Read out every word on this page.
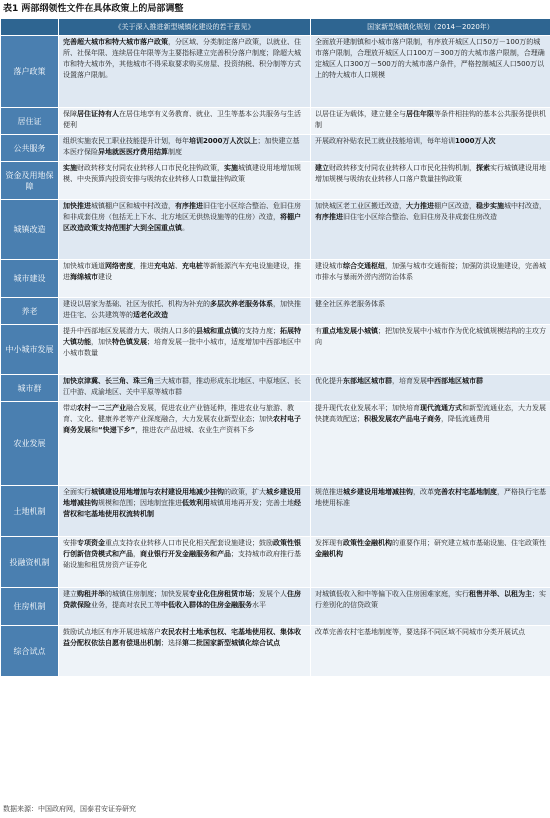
表1 两部纲领性文件在具体政策上的局部调整
	《关于深入推进新型城镇化建设的若干意见》	国家新型城镇化规划（2014－2020年）
落户政策	完善超大城市和特大城市落户政策，分区域、分类制定落户政策，以就业、住所、社保年限、连续居住年限等为主要指标建立完善积分落户制度；除超大城市和特大城市外，其他城市不得采取要求购买房屋、投资纳税、积分制等方式设置落户限制。	全面放开建制镇和小城市落户限制，有序放开城区人口50万－100万的城市落户限制，合理放开城区人口100万－300万的大城市落户限制，合理确定城区人口300万－500万的大城市落户条件，严格控制城区人口500万以上的特大城市人口规模
居住证	保障居住证持有人在居住地享有义务教育、就业、卫生等基本公共服务与生活便利	以居住证为载体，建立健全与居住年限等条件相挂钩的基本公共服务提供机制
公共服务	组织实施农民工职业技能提升计划，每年培训2000万人次以上；加快建立基本医疗保险异地就医医疗费用结算制度	开展政府补贴农民工就业技能培训，每年培训1000万人次
资金及用地保障	实施财政转移支付同农业转移人口市民化挂钩政策，实施城镇建设用地增加规模、中央预算内投资安排与吸纳农业转移人口数量挂钩政策	建立财政转移支付同农业转移人口市民化挂钩机制，探索实行城镇建设用地增加规模与吸纳农业转移人口落户数量挂钩政策
城镇改造	加快推进城镇棚户区和城中村改造，有序推进旧住宅小区综合整治、危旧住房和非成套住房（包括无上下水、北方地区无供热设施等的住房）改造，将棚户区改造政策支持范围扩大到全国重点镇。	加快城区老工业区搬迁改造，大力推进棚户区改造，稳步实施城中村改造，有序推进旧住宅小区综合整治、危旧住房及非成套住房改造
城市建设	加快城市通道网络密度，推进充电站、充电桩等新能源汽车充电设施建设，推进海绵城市建设	建设城市综合交通枢纽，加强与城市交通衔接；加强防洪设施建设，完善城市排水与暴雨外涝内涝防治体系
养老	建设以居家为基础、社区为依托、机构为补充的多层次养老服务体系，加快推进住宅、公共建筑等的适老化改造	健全社区养老服务体系
中小城市发展	提升中西部地区发展潜力大、吸纳人口多的县城和重点镇的支持力度；拓展特大镇功能，加快特色镇发展；培育发展一批中小城市，适度增加中西部地区中小城市数量	有重点地发展小城镇；把加快发展中小城市作为优化城镇规模结构的主攻方向
城市群	加快京津冀、长三角、珠三角三大城市群，推动形成东北地区、中原地区、长江中游、成渝地区、关中平原等城市群	优化提升东部地区城市群，培育发展中西部地区城市群
农业发展	带动农村一二三产业融合发展，促进农业产业链延伸，推进农业与旅游、教育、文化、健康养老等产业深度融合，大力发展农业新型业态；加快农村电子商务发展和“快递下乡”，推进农产品进城、农业生产资料下乡	提升现代农业发展水平；加快培育现代流通方式和新型流通业态，大力发展快捷高效配送；积极发展农产品电子商务，降低流通费用
土地机制	全面实行城镇建设用地增加与农村建设用地减少挂钩的政策，扩大城乡建设用地增减挂钩规模和范围；因地制宜推进低效利用城镇用地再开发；完善土地经营权和宅基地使用权流转机制	规范推进城乡建设用地增减挂钩，改革完善农村宅基地制度，严格执行宅基地使用标准
投融资机制	安排专项资金重点支持农业转移人口市民化相关配套设施建设；鼓励政策性银行创新信贷模式和产品，商业银行开发金融服务和产品；支持城市政府推行基础设施和租赁房资产证券化	发挥现有政策性金融机构的重要作用；研究建立城市基础设施、住宅政策性金融机构
住房机制	建立购租并举的城镇住房制度；加快发展专业化住房租赁市场；发展个人住房贷款保险业务，提高对农民工等中低收入群体的住房金融服务水平	对城镇低收入和中等偏下收入住房困难家庭，实行租售并举、以租为主；实行差别化的信贷政策
综合试点	鼓励试点地区有序开展进城落户农民农村土地承包权、宅基地使用权、集体收益分配权依法自愿有偿退出机制；选择第二批国家新型城镇化综合试点	改革完善农村宅基地制度等，要选择不同区域不同城市分类开展试点
数据来源：中国政府网，国泰君安证券研究
